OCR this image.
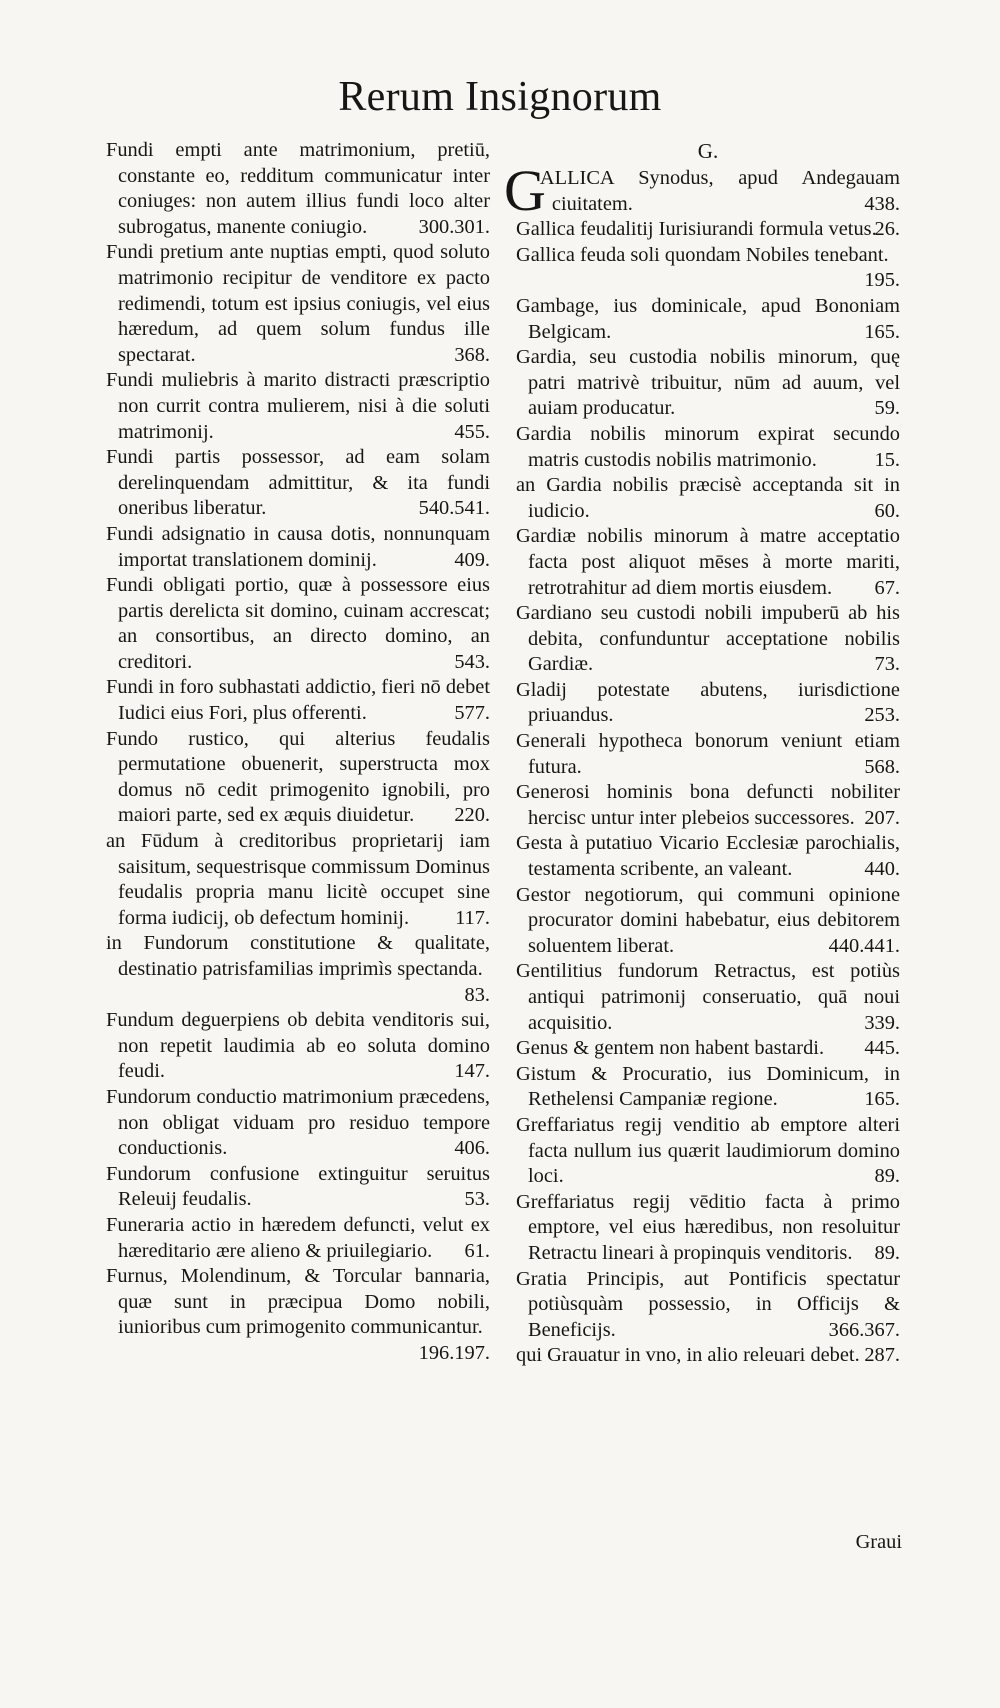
Rerum Insignorum

Fundi empti ante matrimonium, pretiū, constante eo, redditum communicatur inter coniuges: non autem illius fundi loco alter subrogatus, manente coniugio.	300.301.

Fundi pretium ante nuptias empti, quod soluto matrimonio recipitur de venditore ex pacto redimendi, totum est ipsius coniugis, vel eius hæredum, ad quem solum fundus ille spectarat.	368.

Fundi muliebris à marito distracti præscriptio non currit contra mulierem, nisi à die soluti matrimonij.	455.

Fundi partis possessor, ad eam solam derelinquendam admittitur, & ita fundi oneribus liberatur.	540.541.

Fundi adsignatio in causa dotis, nonnunquam importat translationem dominij.	409.

Fundi obligati portio, quæ à possessore eius partis derelicta sit domino, cuinam accrescat; an consortibus, an directo domino, an creditori.	543.

Fundi in foro subhastati addictio, fieri nō debet Iudici eius Fori, plus offerenti.	577.

Fundo rustico, qui alterius feudalis permutatione obuenerit, superstructa mox domus nō cedit primogenito ignobili, pro maiori parte, sed ex æquis diuidetur. 220.

an Fūdum à creditoribus proprietarij iam saisitum, sequestrisque commissum Dominus feudalis propria manu licitè occupet sine forma iudicij, ob defectum hominij. 117.

in Fundorum constitutione & qualitate, destinatio patrisfamilias imprimìs spectanda.
83.

Fundum deguerpiens ob debita venditoris sui, non repetit laudimia ab eo soluta domino feudi.	147.

Fundorum conductio matrimonium præcedens, non obligat viduam pro residuo tempore conductionis.	406.

Fundorum confusione extinguitur seruitus Releuij feudalis.	53.

Funeraria actio in hæredem defuncti, velut ex hæreditario ære alieno & priuilegiario. 61.

Furnus, Molendinum, & Torcular bannaria, quæ sunt in præcipua Domo nobili, iunioribus cum primogenito communicantur.
196.197.

G.

G
ALLICA Synodus, apud Andegauam ciuitatem.	438.

Gallica feudalitij Iurisiurandi formula vetus.
26.

Gallica feuda soli quondam Nobiles tenebant.
195.

Gambage, ius dominicale, apud Bononiam Belgicam.	165.

Gardia, seu custodia nobilis minorum, quę patri matrivè tribuitur, nūm ad auum, vel auiam producatur.	59.

Gardia nobilis minorum expirat secundo matris custodis nobilis matrimonio.	15.

an Gardia nobilis præcisè acceptanda sit in iudicio.	60.

Gardiæ nobilis minorum à matre acceptatio facta post aliquot mēses à morte mariti, retrotrahitur ad diem mortis eiusdem. 67.

Gardiano seu custodi nobili impuberū ab his debita, confunduntur acceptatione nobilis Gardiæ.	73.

Gladij potestate abutens, iurisdictione priuandus.	253.

Generali hypotheca bonorum veniunt etiam futura.	568.

Generosi hominis bona defuncti nobiliter hercisc untur inter plebeios successores. 207.

Gesta à putatiuo Vicario Ecclesiæ parochialis, testamenta scribente, an valeant.	440.

Gestor negotiorum, qui communi opinione procurator domini habebatur, eius debitorem soluentem liberat.	440.441.

Gentilitius fundorum Retractus, est potiùs antiqui patrimonij conseruatio, quā noui acquisitio.	339.

Genus & gentem non habent bastardi. 445.

Gistum & Procuratio, ius Dominicum, in Rethelensi Campaniæ regione.	165.

Greffariatus regij venditio ab emptore alteri facta nullum ius quærit laudimiorum domino loci.	89.

Greffariatus regij vēditio facta à primo emptore, vel eius hæredibus, non resoluitur Retractu lineari à propinquis venditoris. 89.

Gratia Principis, aut Pontificis spectatur potiùsquàm possessio, in Officijs & Beneficijs.	366.367.

qui Grauatur in vno, in alio releuari debet. 287.

Graui
